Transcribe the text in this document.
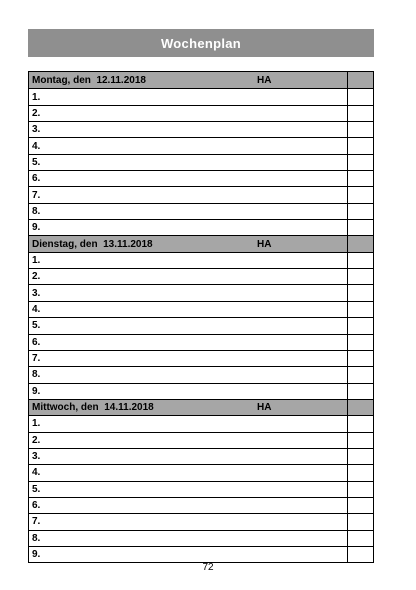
Wochenplan
Montag, den  12.11.2018	HA
1.
2.
3.
4.
5.
6.
7.
8.
9.
Dienstag, den  13.11.2018	HA
1.
2.
3.
4.
5.
6.
7.
8.
9.
Mittwoch, den  14.11.2018	HA
1.
2.
3.
4.
5.
6.
7.
8.
9.
72
